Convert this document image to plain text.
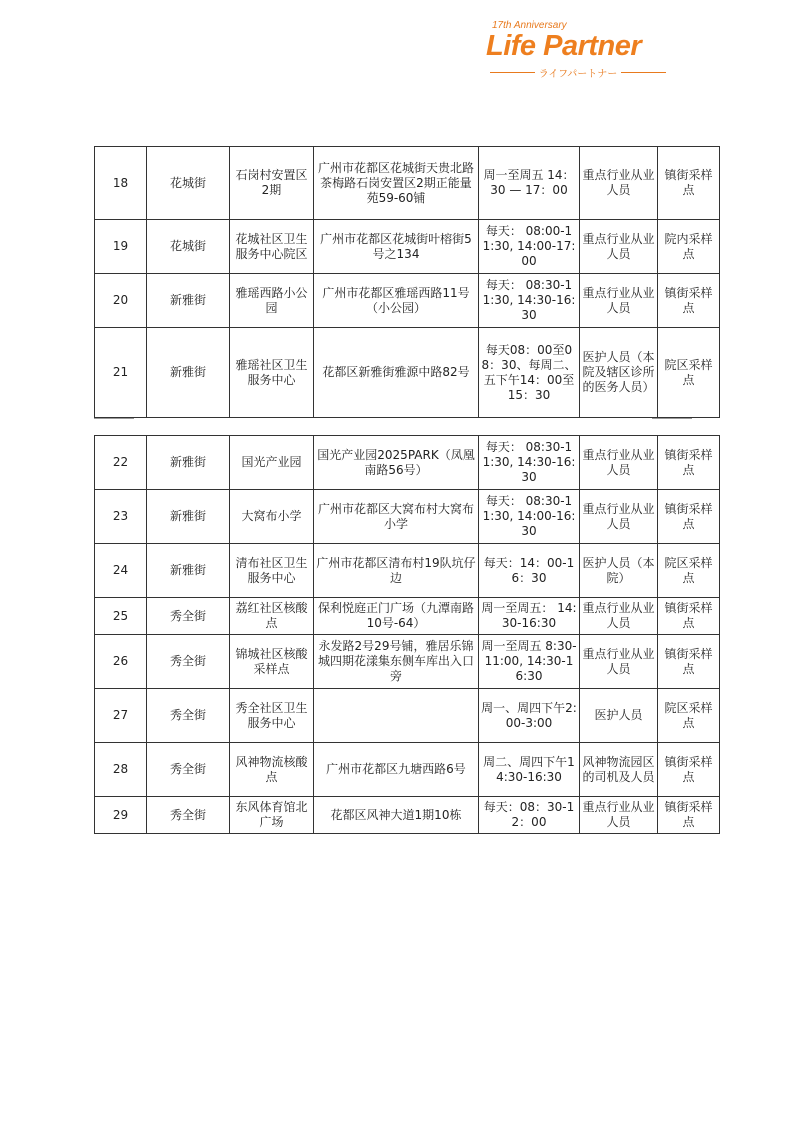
17th Anniversary
Life Partner
ライフパートナー
18	花城街	石岗村安置区2期	广州市花都区花城街天贵北路茶梅路石岗安置区2期正能量苑59-60铺	周一至周五 14：30 — 17：00	重点行业从业人员	镇街采样点
19	花城街	花城社区卫生服务中心院区	广州市花都区花城街叶榕街5号之134	每天： 08:00-11:30, 14:00-17:00	重点行业从业人员	院内采样点
20	新雅街	雅瑶西路小公园	广州市花都区雅瑶西路11号（小公园）	每天： 08:30-11:30, 14:30-16:30	重点行业从业人员	镇街采样点
21	新雅街	雅瑶社区卫生服务中心	花都区新雅街雅源中路82号	每天08：00至08：30、每周二、五下午14：00至15：30	医护人员（本院及辖区诊所的医务人员）	院区采样点
22	新雅街	国光产业园	国光产业园2025PARK（凤凰南路56号）	每天： 08:30-11:30, 14:30-16:30	重点行业从业人员	镇街采样点
23	新雅街	大窝布小学	广州市花都区大窝布村大窝布小学	每天： 08:30-11:30, 14:00-16:30	重点行业从业人员	镇街采样点
24	新雅街	清布社区卫生服务中心	广州市花都区清布村19队坑仔边	每天：14：00-16：30	医护人员（本院）	院区采样点
25	秀全街	荔红社区核酸点	保利悦庭正门广场（九潭南路10号-64）	周一至周五： 14:30-16:30	重点行业从业人员	镇街采样点
26	秀全街	锦城社区核酸采样点	永发路2号29号铺，雅居乐锦城四期花漾集东侧车库出入口旁	周一至周五 8:30-11:00, 14:30-16:30	重点行业从业人员	镇街采样点
27	秀全街	秀全社区卫生服务中心		周一、周四下午2:00-3:00	医护人员	院区采样点
28	秀全街	风神物流核酸点	广州市花都区九塘西路6号	周二、周四下午14:30-16:30	风神物流园区的司机及人员	镇街采样点
29	秀全街	东风体育馆北广场	花都区风神大道1期10栋	每天：08：30-12：00	重点行业从业人员	镇街采样点
